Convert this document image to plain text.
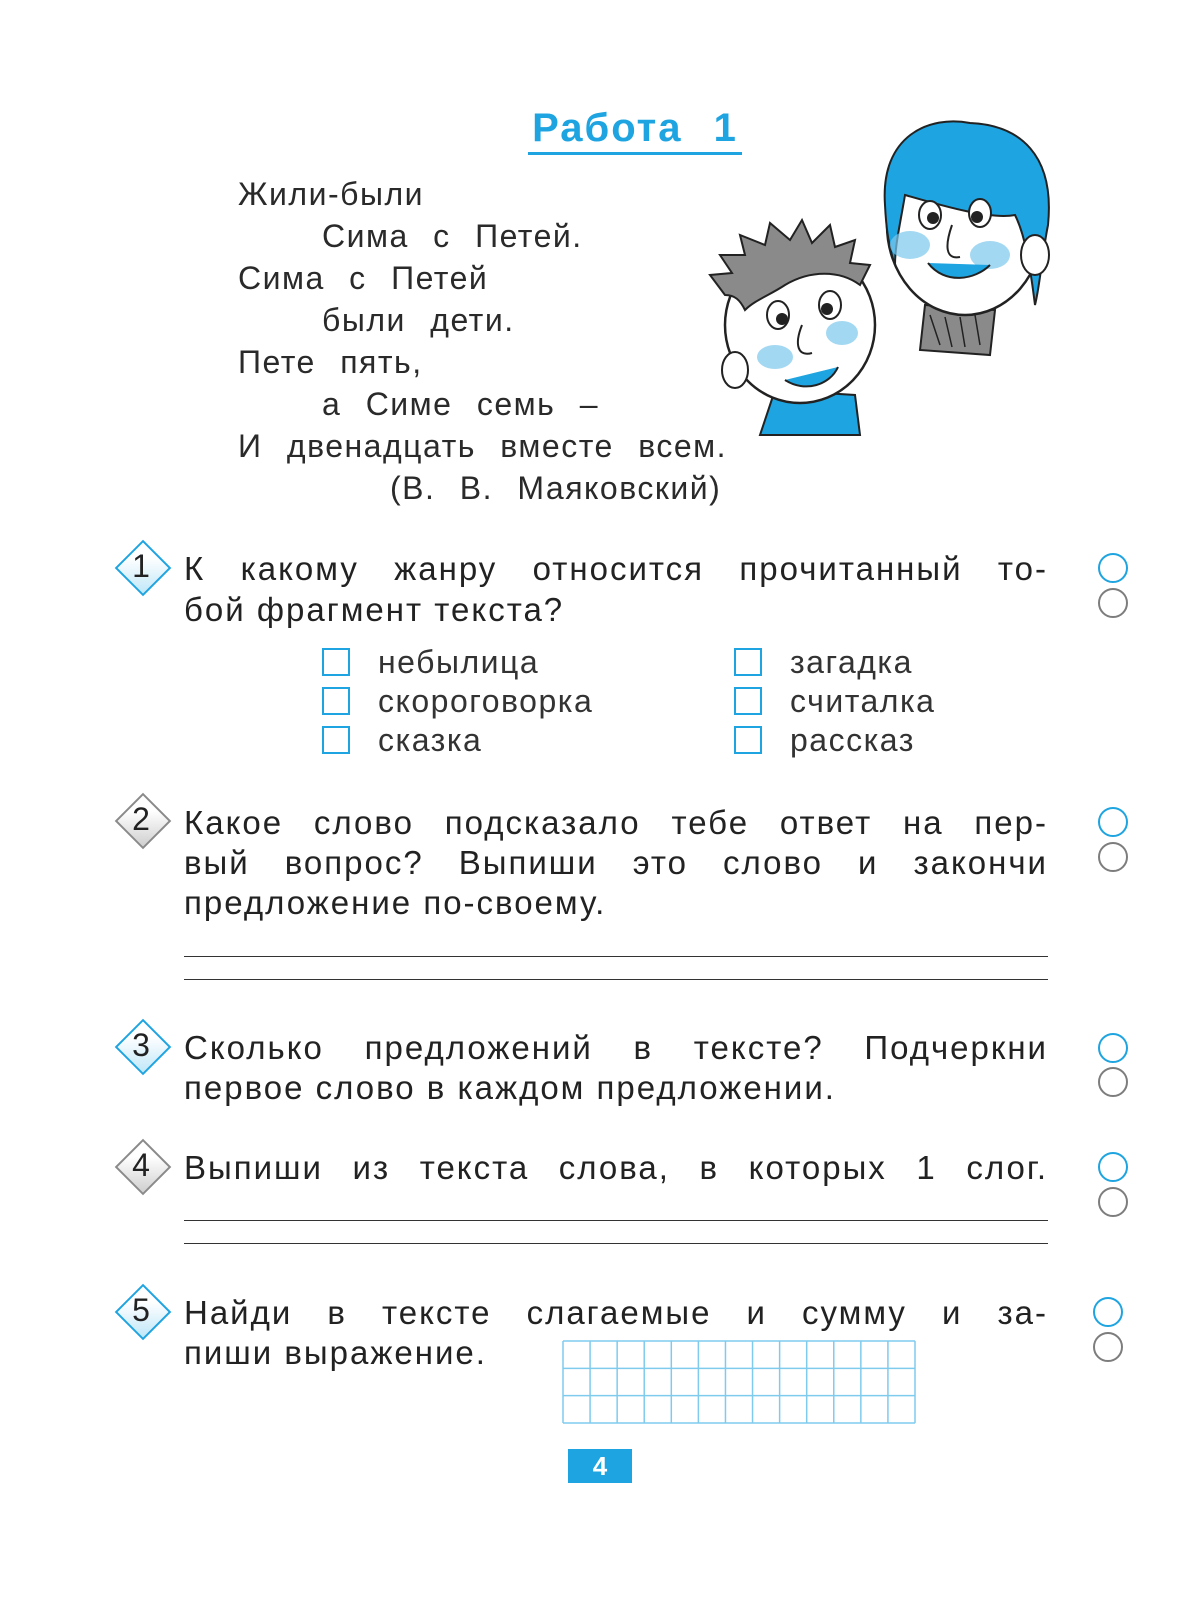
Работа 1
Жили-были
Сима с Петей.
Сима с Петей
были дети.
Пете пять,
а Симе семь –
И двенадцать вместе всем.
(В. В. Маяковский)
1	К какому жанру относится прочитанный то-
бой фрагмент текста?
небылица
скороговорка
сказка
загадка
считалка
рассказ
2	Какое слово подсказало тебе ответ на пер-
вый вопрос? Выпиши это слово и закончи
предложение по-своему.
3	Сколько предложений в тексте? Подчеркни
первое слово в каждом предложении.
4	Выпиши из текста слова, в которых 1 слог.
5	Найди в тексте слагаемые и сумму и за-
пиши выражение.
4
